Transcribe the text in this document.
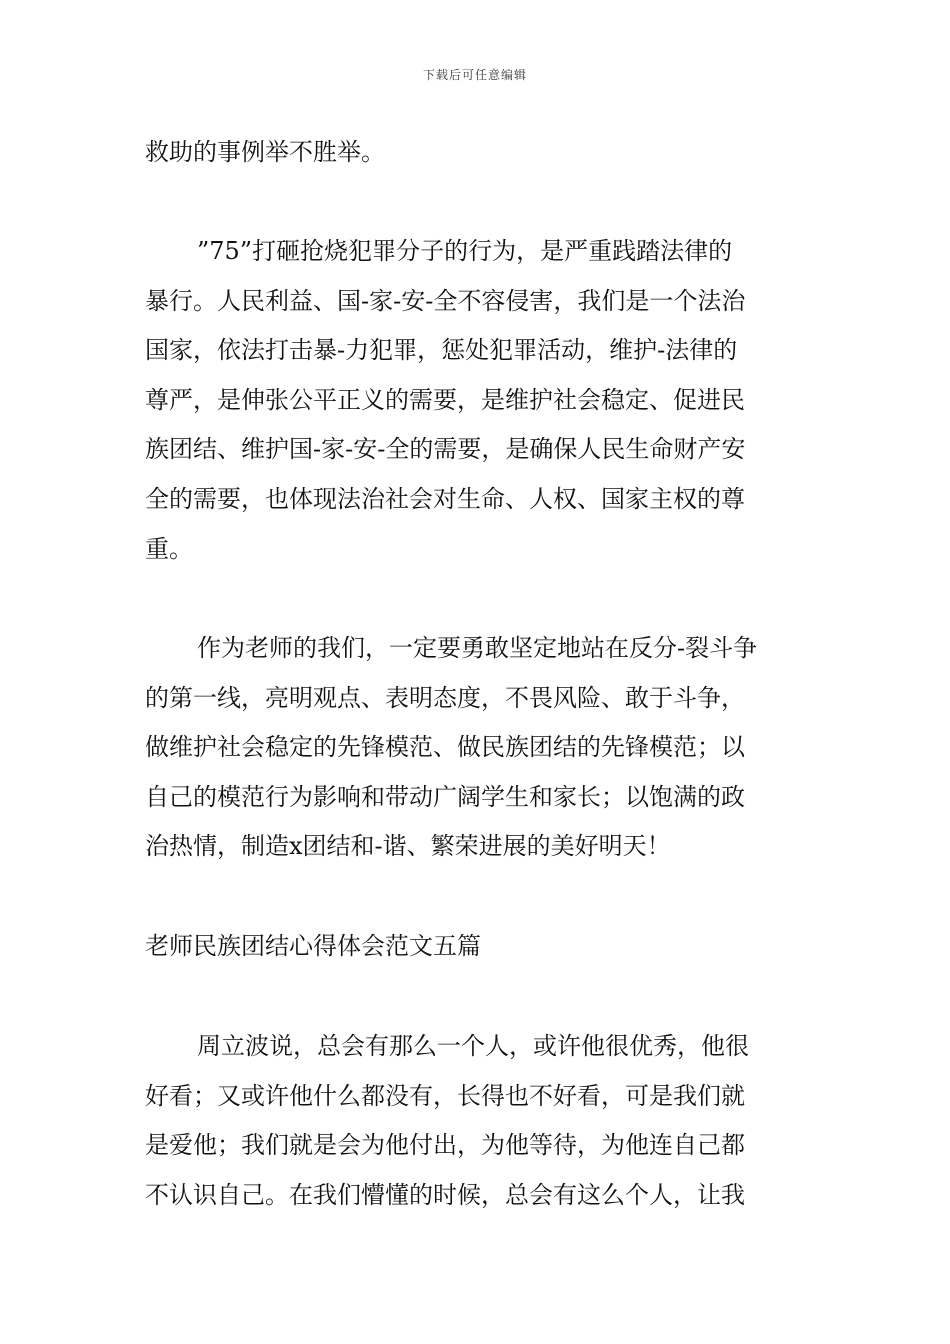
下载后可任意编辑
救助的事例举不胜举。
”75”打砸抢烧犯罪分子的行为，是严重践踏法律的
暴行。人民利益、国-家-安-全不容侵害，我们是一个法治
国家，依法打击暴-力犯罪，惩处犯罪活动，维护-法律的
尊严，是伸张公平正义的需要，是维护社会稳定、促进民
族团结、维护国-家-安-全的需要，是确保人民生命财产安
全的需要，也体现法治社会对生命、人权、国家主权的尊
重。
作为老师的我们，一定要勇敢坚定地站在反分-裂斗争
的第一线，亮明观点、表明态度，不畏风险、敢于斗争，
做维护社会稳定的先锋模范、做民族团结的先锋模范；以
自己的模范行为影响和带动广阔学生和家长；以饱满的政
治热情，制造x团结和-谐、繁荣进展的美好明天！
老师民族团结心得体会范文五篇
周立波说，总会有那么一个人，或许他很优秀，他很
好看；又或许他什么都没有，长得也不好看，可是我们就
是爱他；我们就是会为他付出，为他等待，为他连自己都
不认识自己。在我们懵懂的时候，总会有这么个人，让我
